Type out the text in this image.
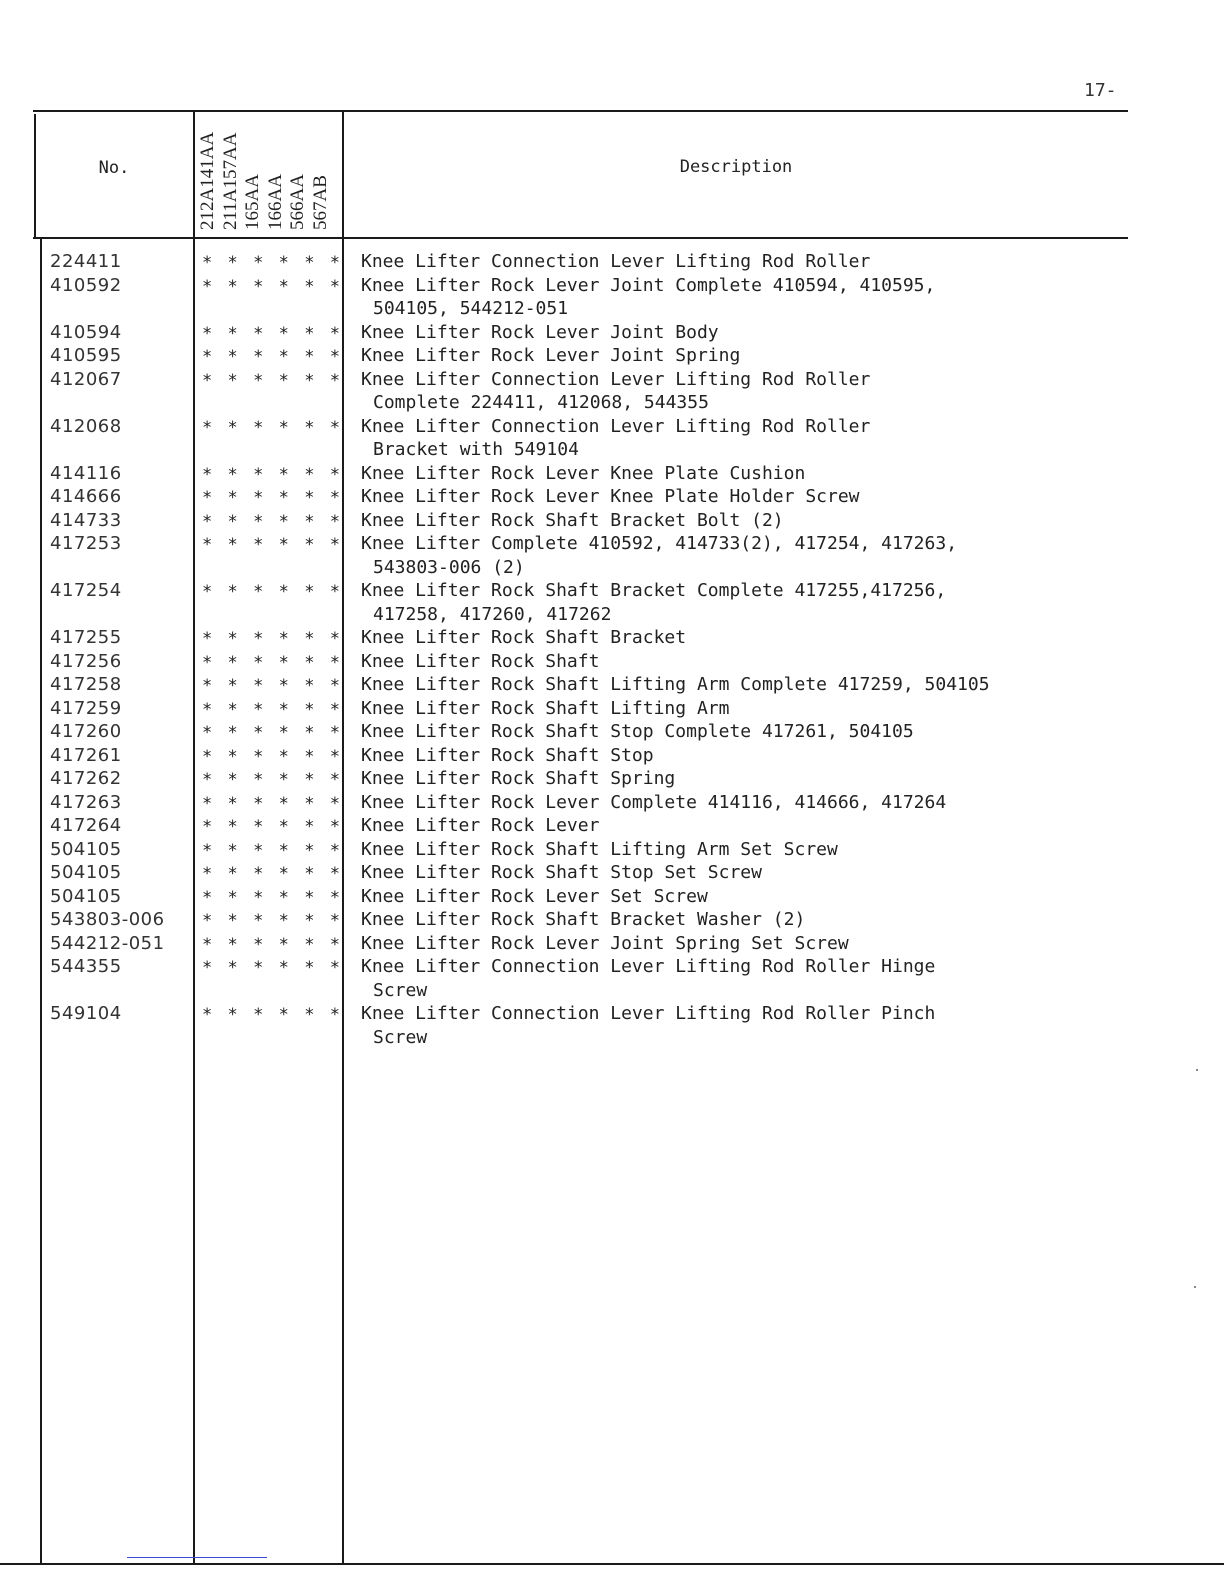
17-
No.	212A141AA 211A157AA 165AA 166AA 566AA 567AB
Description
224411	* * * * * * Knee Lifter Connection Lever Lifting Rod Roller
410592	* * * * * * Knee Lifter Rock Lever Joint Complete 410594, 410595,
504105, 544212-051
410594	* * * * * * Knee Lifter Rock Lever Joint Body
410595	* * * * * * Knee Lifter Rock Lever Joint Spring
412067	* * * * * * Knee Lifter Connection Lever Lifting Rod Roller
Complete 224411, 412068, 544355
412068	* * * * * * Knee Lifter Connection Lever Lifting Rod Roller
Bracket with 549104
414116	* * * * * * Knee Lifter Rock Lever Knee Plate Cushion
414666	* * * * * * Knee Lifter Rock Lever Knee Plate Holder Screw
414733	* * * * * * Knee Lifter Rock Shaft Bracket Bolt (2)
417253	* * * * * * Knee Lifter Complete 410592, 414733(2), 417254, 417263,
543803-006 (2)
417254	* * * * * * Knee Lifter Rock Shaft Bracket Complete 417255,417256,
417258, 417260, 417262
417255	* * * * * * Knee Lifter Rock Shaft Bracket
417256	* * * * * * Knee Lifter Rock Shaft
417258	* * * * * * Knee Lifter Rock Shaft Lifting Arm Complete 417259, 504105
417259	* * * * * * Knee Lifter Rock Shaft Lifting Arm
417260	* * * * * * Knee Lifter Rock Shaft Stop Complete 417261, 504105
417261	* * * * * * Knee Lifter Rock Shaft Stop
417262	* * * * * * Knee Lifter Rock Shaft Spring
417263	* * * * * * Knee Lifter Rock Lever Complete 414116, 414666, 417264
417264	* * * * * * Knee Lifter Rock Lever
504105	* * * * * * Knee Lifter Rock Shaft Lifting Arm Set Screw
504105	* * * * * * Knee Lifter Rock Shaft Stop Set Screw
504105	* * * * * * Knee Lifter Rock Lever Set Screw
543803-006 * * * * * * Knee Lifter Rock Shaft Bracket Washer (2)
544212-051 * * * * * * Knee Lifter Rock Lever Joint Spring Set Screw
544355	* * * * * * Knee Lifter Connection Lever Lifting Rod Roller Hinge
Screw
549104	* * * * * * Knee Lifter Connection Lever Lifting Rod Roller Pinch
Screw
